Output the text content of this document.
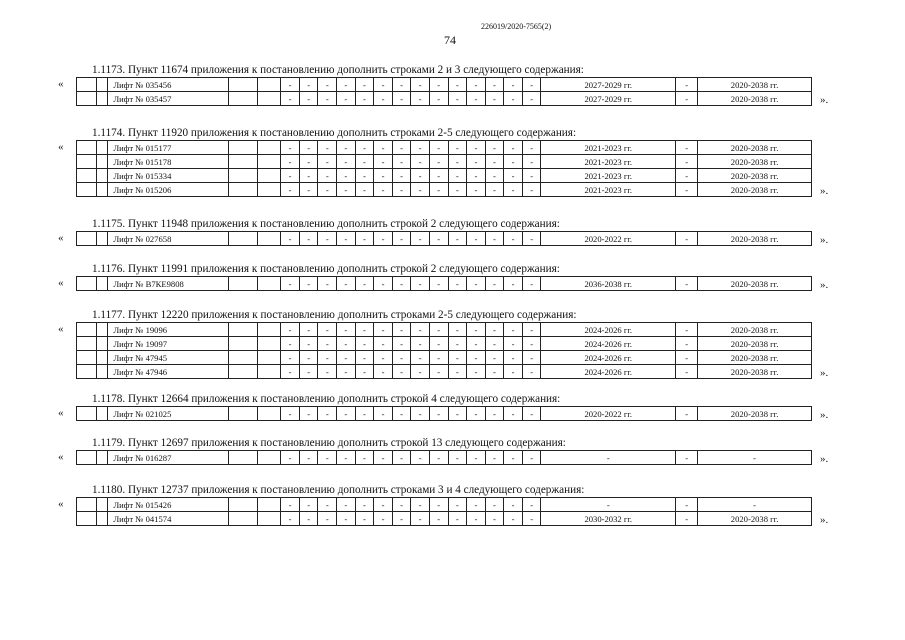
226019/2020-7565(2)
74
1.1173. Пункт 11674 приложения к постановлению дополнить строками 2 и 3 следующего содержания:
«
			Лифт № 035456			-	-	-	-	-	-	-	-	-	-	-	-	-	-	2027-2029 гг.	-	2020-2038 гг.
».
		Лифт № 035457			-	-	-	-	-	-	-	-	-	-	-	-	-	-	2027-2029 гг.	-	2020-2038 гг.
1.1174. Пункт 11920 приложения к постановлению дополнить строками 2-5 следующего содержания:
«
			Лифт № 015177			-	-	-	-	-	-	-	-	-	-	-	-	-	-	2021-2023 гг.	-	2020-2038 гг.
		Лифт № 015178			-	-	-	-	-	-	-	-	-	-	-	-	-	-	2021-2023 гг.	-	2020-2038 гг.
		Лифт № 015334			-	-	-	-	-	-	-	-	-	-	-	-	-	-	2021-2023 гг.	-	2020-2038 гг.
».
		Лифт № 015206			-	-	-	-	-	-	-	-	-	-	-	-	-	-	2021-2023 гг.	-	2020-2038 гг.
1.1175. Пункт 11948 приложения к постановлению дополнить строкой 2 следующего содержания:
«	».
		Лифт № 027658			-	-	-	-	-	-	-	-	-	-	-	-	-	-	2020-2022 гг.	-	2020-2038 гг.
1.1176. Пункт 11991 приложения к постановлению дополнить строкой 2 следующего содержания:
«	».
		Лифт № В7КЕ9808			-	-	-	-	-	-	-	-	-	-	-	-	-	-	2036-2038 гг.	-	2020-2038 гг.
1.1177. Пункт 12220 приложения к постановлению дополнить строками 2-5 следующего содержания:
«
			Лифт № 19096			-	-	-	-	-	-	-	-	-	-	-	-	-	-	2024-2026 гг.	-	2020-2038 гг.
		Лифт № 19097			-	-	-	-	-	-	-	-	-	-	-	-	-	-	2024-2026 гг.	-	2020-2038 гг.
		Лифт № 47945			-	-	-	-	-	-	-	-	-	-	-	-	-	-	2024-2026 гг.	-	2020-2038 гг.
».
		Лифт № 47946			-	-	-	-	-	-	-	-	-	-	-	-	-	-	2024-2026 гг.	-	2020-2038 гг.
1.1178. Пункт 12664 приложения к постановлению дополнить строкой 4 следующего содержания:
«	».
		Лифт № 021025			-	-	-	-	-	-	-	-	-	-	-	-	-	-	2020-2022 гг.	-	2020-2038 гг.
1.1179. Пункт 12697 приложения к постановлению дополнить строкой 13 следующего содержания:
«	».
		Лифт № 016287			-	-	-	-	-	-	-	-	-	-	-	-	-	-	-	-	-
1.1180. Пункт 12737 приложения к постановлению дополнить строками 3 и 4 следующего содержания:
«
			Лифт № 015426			-	-	-	-	-	-	-	-	-	-	-	-	-	-	-	-	-
».
		Лифт № 041574			-	-	-	-	-	-	-	-	-	-	-	-	-	-	2030-2032 гг.	-	2020-2038 гг.
